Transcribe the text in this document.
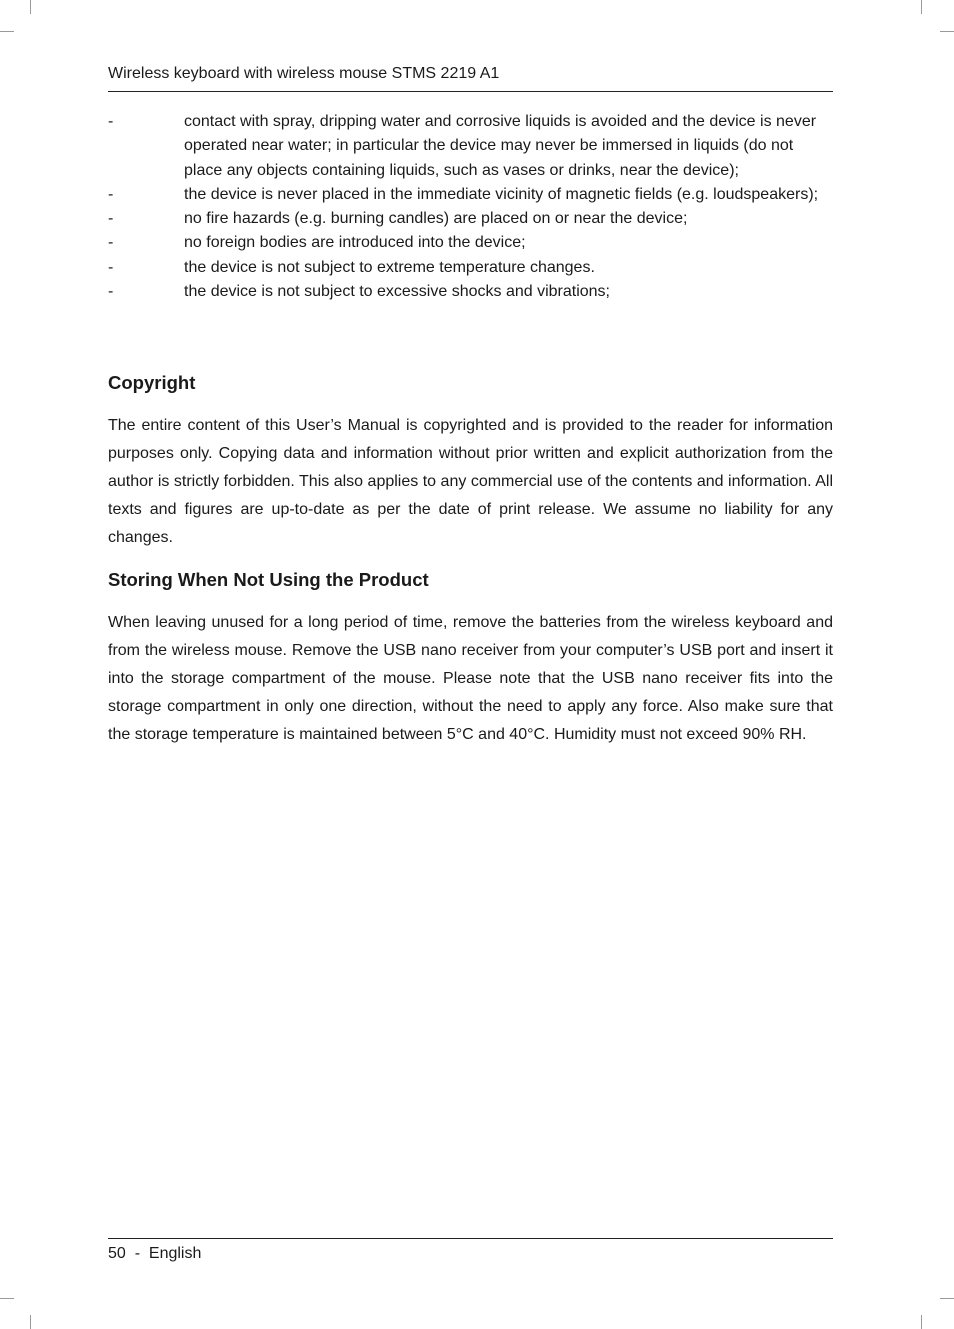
Wireless keyboard with wireless mouse STMS 2219 A1
-	contact with spray, dripping water and corrosive liquids is avoided and the device is never operated near water; in particular the device may never be immersed in liquids (do not place any objects containing liquids, such as vases or drinks, near the device);
-	the device is never placed in the immediate vicinity of magnetic fields (e.g. loudspeakers);
-	no fire hazards (e.g. burning candles) are placed on or near the device;
-	no foreign bodies are introduced into the device;
-	the device is not subject to extreme temperature changes.
-	the device is not subject to excessive shocks and vibrations;
Copyright

The entire content of this User’s Manual is copyrighted and is provided to the reader for information purposes only. Copying data and information without prior written and explicit authorization from the author is strictly forbidden. This also applies to any commercial use of the contents and information. All texts and figures are up-to-date as per the date of print release. We assume no liability for any changes.

Storing When Not Using the Product

When leaving unused for a long period of time, remove the batteries from the wireless keyboard and from the wireless mouse. Remove the USB nano receiver from your computer’s USB port and insert it into the storage compartment of the mouse. Please note that the USB nano receiver fits into the storage compartment in only one direction, without the need to apply any force. Also make sure that the storage temperature is maintained between 5°C and 40°C. Humidity must not exceed 90% RH.

50  -  English
